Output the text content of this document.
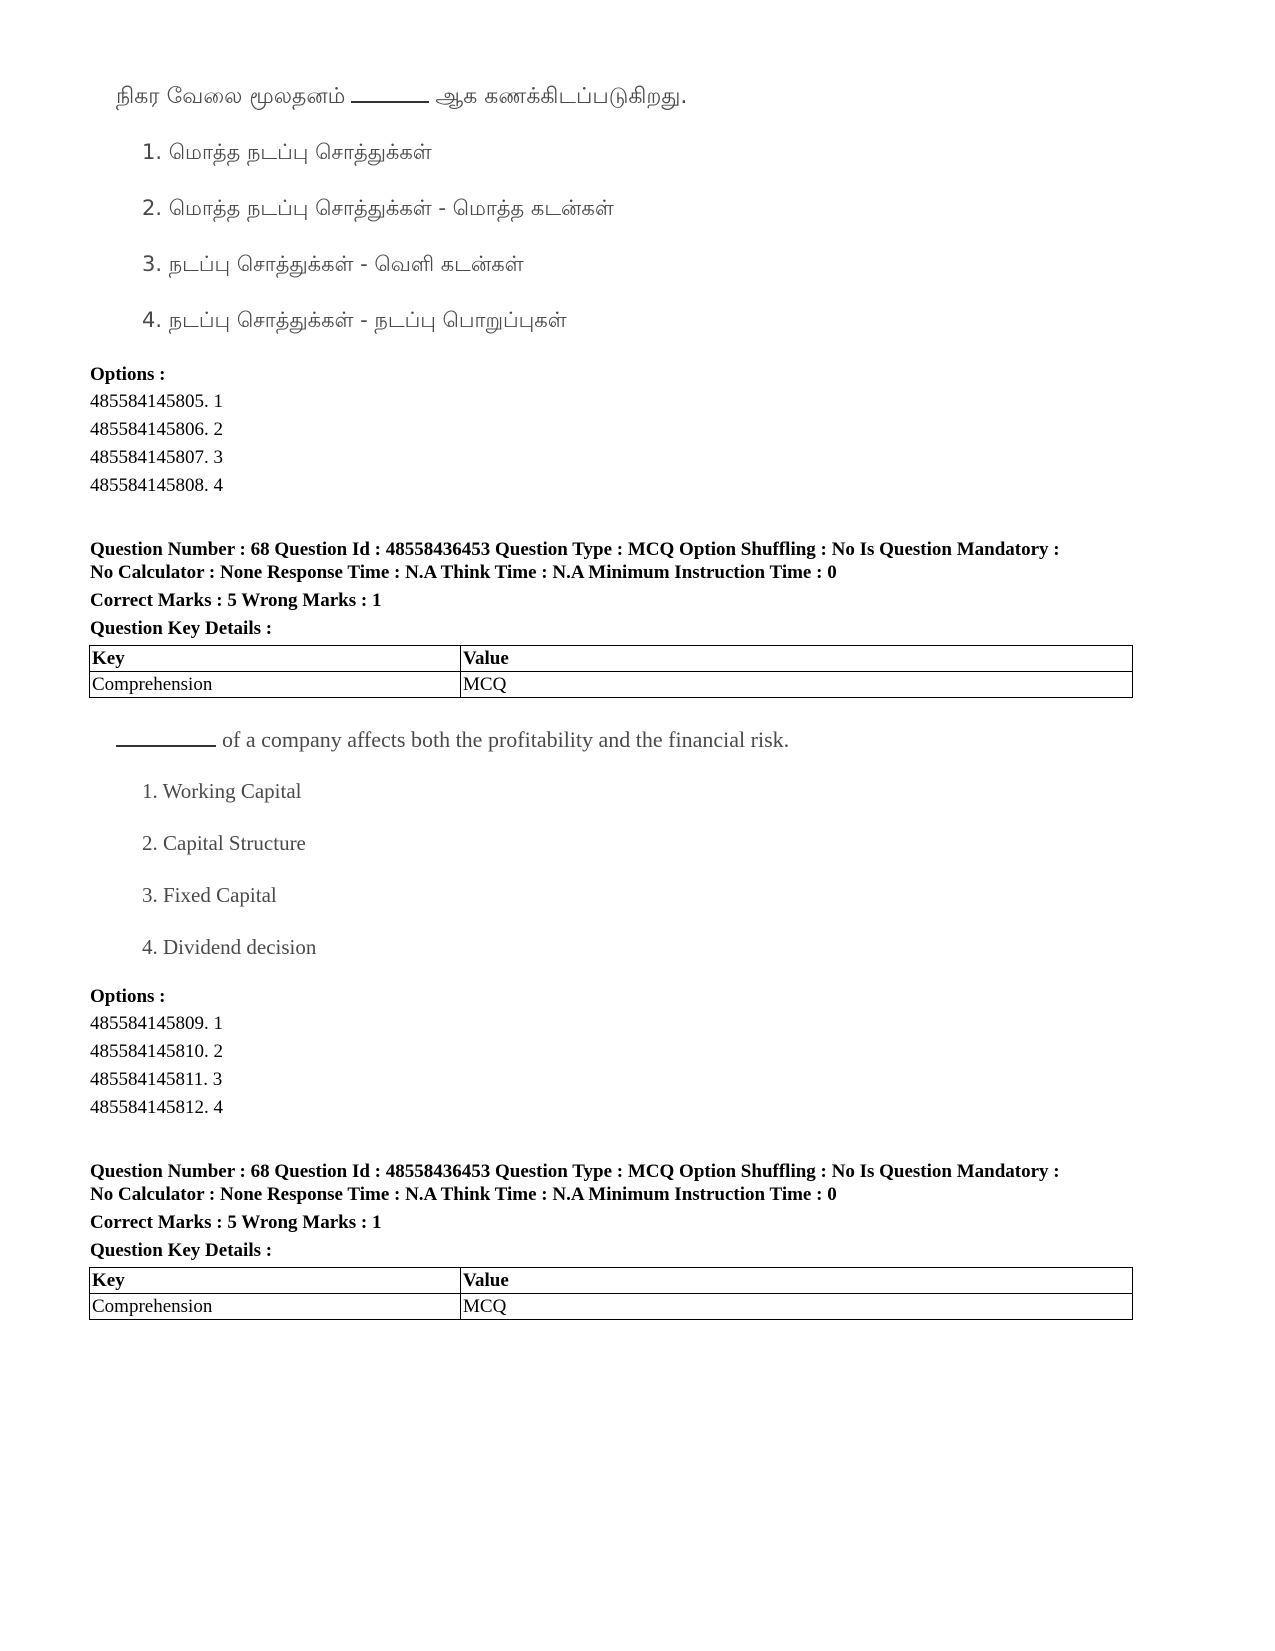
நிகர வேலை மூலதனம்	ஆக கணக்கிடப்படுகிறது.
1. மொத்த நடப்பு சொத்துக்கள்
2. மொத்த நடப்பு சொத்துக்கள் - மொத்த கடன்கள்
3. நடப்பு சொத்துக்கள் - வெளி கடன்கள்
4. நடப்பு சொத்துக்கள் - நடப்பு பொறுப்புகள்
Options :
485584145805. 1
485584145806. 2
485584145807. 3
485584145808. 4
Question Number : 68 Question Id : 48558436453 Question Type : MCQ Option Shuffling : No Is Question Mandatory :
No Calculator : None Response Time : N.A Think Time : N.A Minimum Instruction Time : 0
Correct Marks : 5 Wrong Marks : 1
Question Key Details :
Key	Value
Comprehension	MCQ
of a company affects both the profitability and the financial risk.
1. Working Capital
2. Capital Structure
3. Fixed Capital
4. Dividend decision
Options :
485584145809. 1
485584145810. 2
485584145811. 3
485584145812. 4
Question Number : 68 Question Id : 48558436453 Question Type : MCQ Option Shuffling : No Is Question Mandatory :
No Calculator : None Response Time : N.A Think Time : N.A Minimum Instruction Time : 0
Correct Marks : 5 Wrong Marks : 1
Question Key Details :
Key	Value
Comprehension	MCQ
